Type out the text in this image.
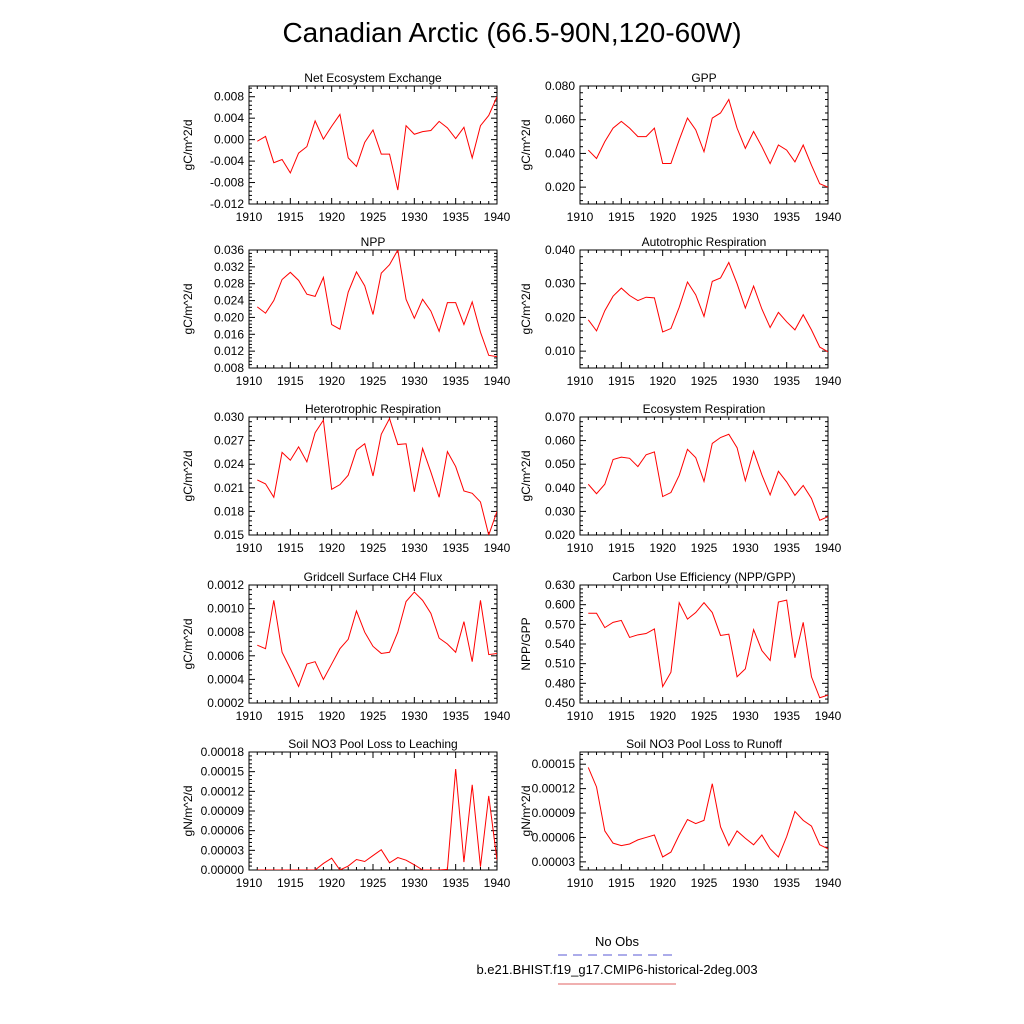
Canadian Arctic (66.5-90N,120-60W)
Net Ecosystem Exchange
gC/m^2/d
1910 1915 1920 1925 1930 1935 1940
0.008
0.004
0.000
-0.004
-0.008
-0.012
GPP
gC/m^2/d
1910 1915 1920 1925 1930 1935 1940
0.080
0.060
0.040
0.020
NPP
gC/m^2/d
1910 1915 1920 1925 1930 1935 1940
0.036
0.032
0.028
0.024
0.020
0.016
0.012
0.008
Autotrophic Respiration
gC/m^2/d
1910 1915 1920 1925 1930 1935 1940
0.040
0.030
0.020
0.010
Heterotrophic Respiration
gC/m^2/d
1910 1915 1920 1925 1930 1935 1940
0.030
0.027
0.024
0.021
0.018
0.015
Ecosystem Respiration
gC/m^2/d
1910 1915 1920 1925 1930 1935 1940
0.070
0.060
0.050
0.040
0.030
0.020
Gridcell Surface CH4 Flux
gC/m^2/d
1910 1915 1920 1925 1930 1935 1940
0.0012
0.0010
0.0008
0.0006
0.0004
0.0002
Carbon Use Efficiency (NPP/GPP)
NPP/GPP
1910 1915 1920 1925 1930 1935 1940
0.630
0.600
0.570
0.540
0.510
0.480
0.450
Soil NO3 Pool Loss to Leaching
gN/m^2/d
1910 1915 1920 1925 1930 1935 1940
0.00018
0.00015
0.00012
0.00009
0.00006
0.00003
0.00000
Soil NO3 Pool Loss to Runoff
gN/m^2/d
1910 1915 1920 1925 1930 1935 1940
0.00015
0.00012
0.00009
0.00006
0.00003
No Obs
b.e21.BHIST.f19_g17.CMIP6-historical-2deg.003
